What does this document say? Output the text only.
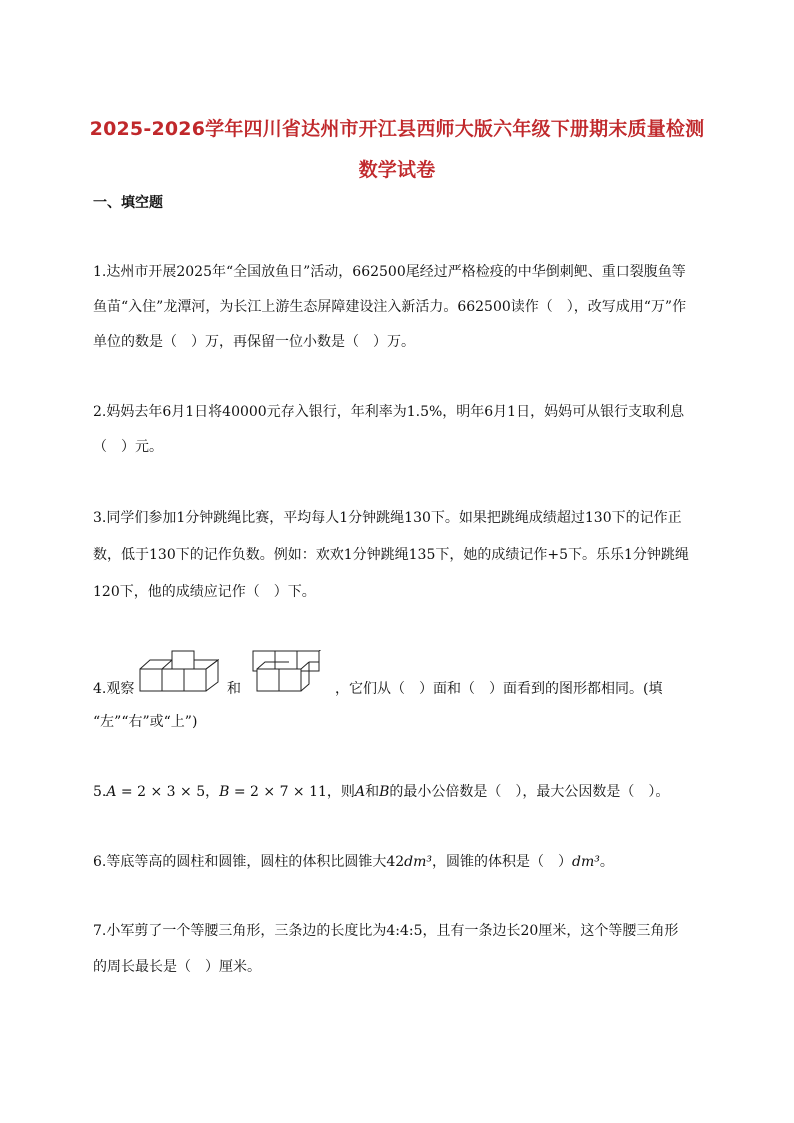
2025-2026学年四川省达州市开江县西师大版六年级下册期末质量检测
数学试卷
一、填空题
1.达州市开展2025年“全国放鱼日”活动，662500尾经过严格检疫的中华倒刺鲃、重口裂腹鱼等
鱼苗“入住”龙潭河，为长江上游生态屏障建设注入新活力。662500读作（　），改写成用“万”作
单位的数是（　）万，再保留一位小数是（　）万。
2.妈妈去年6月1日将40000元存入银行，年利率为1.5%，明年6月1日，妈妈可从银行支取利息
（　）元。
3.同学们参加1分钟跳绳比赛，平均每人1分钟跳绳130下。如果把跳绳成绩超过130下的记作正
数，低于130下的记作负数。例如：欢欢1分钟跳绳135下，她的成绩记作+5下。乐乐1分钟跳绳
120下，他的成绩应记作（　）下。
4.观察	和	，它们从（　）面和（　）面看到的图形都相同。(填
“左”“右”或“上”)
5.A = 2 × 3 × 5，B = 2 × 7 × 11，则A和B的最小公倍数是（　），最大公因数是（　）。
6.等底等高的圆柱和圆锥，圆柱的体积比圆锥大42dm³，圆锥的体积是（　）dm³。
7.小军剪了一个等腰三角形，三条边的长度比为4:4:5，且有一条边长20厘米，这个等腰三角形
的周长最长是（　）厘米。
